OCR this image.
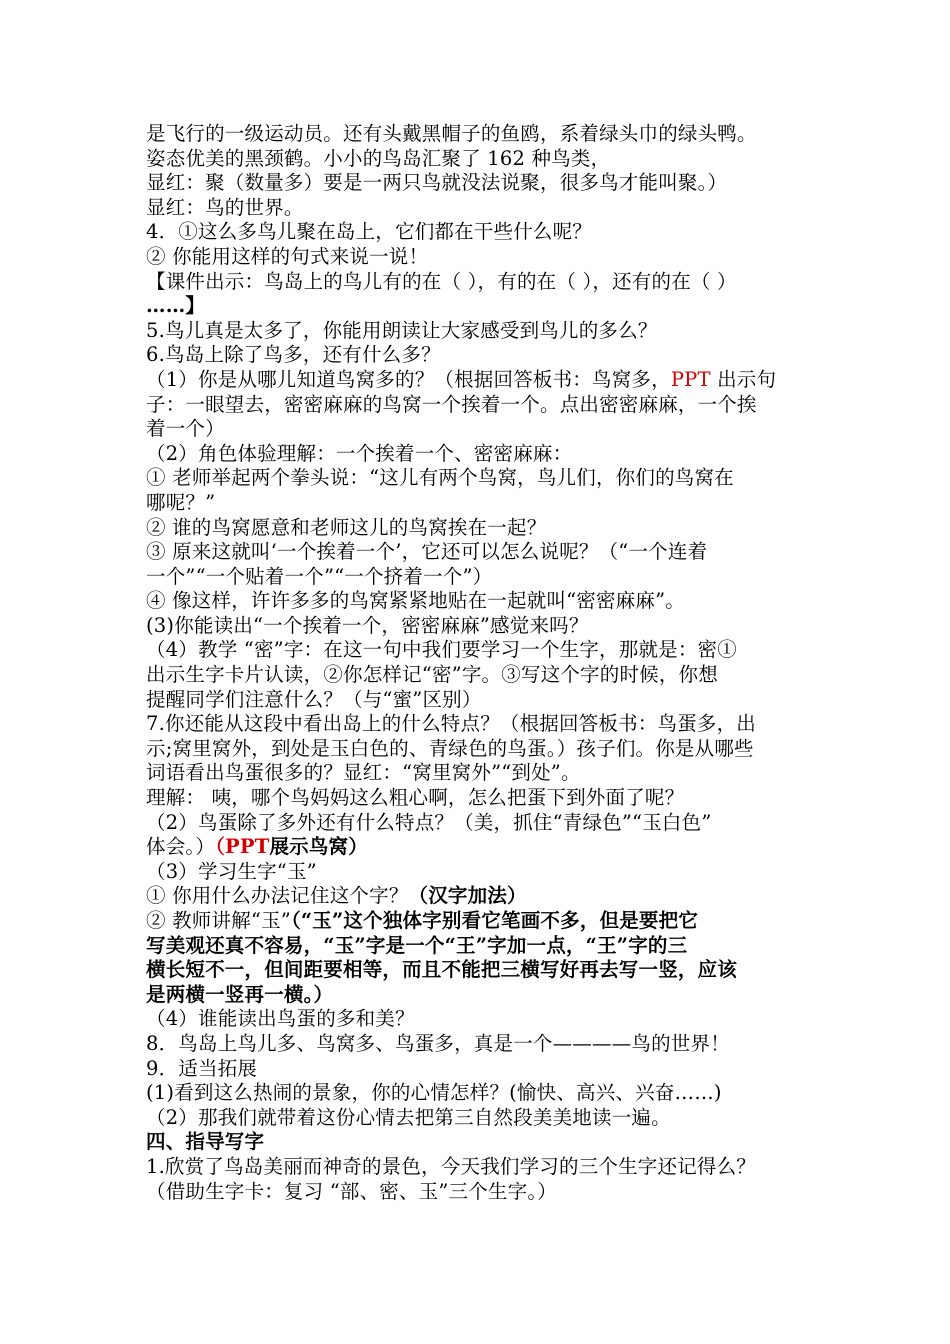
是飞行的一级运动员。还有头戴黑帽子的鱼鸥，系着绿头巾的绿头鸭。
姿态优美的黑颈鹤。小小的鸟岛汇聚了 162 种鸟类，
显红：聚（数量多）要是一两只鸟就没法说聚，很多鸟才能叫聚。）
显红：鸟的世界。
4．①这么多鸟儿聚在岛上，它们都在干些什么呢？
② 你能用这样的句式来说一说！
【课件出示：鸟岛上的鸟儿有的在（ ），有的在（ ），还有的在（ ）
……】
5.鸟儿真是太多了，你能用朗读让大家感受到鸟儿的多么？
6.鸟岛上除了鸟多，还有什么多？
（1）你是从哪儿知道鸟窝多的？（根据回答板书：鸟窝多，PPT 出示句
子：一眼望去，密密麻麻的鸟窝一个挨着一个。点出密密麻麻，一个挨
着一个）
（2）角色体验理解：一个挨着一个、密密麻麻：
① 老师举起两个拳头说：“这儿有两个鸟窝，鸟儿们，你们的鸟窝在
哪呢？”
② 谁的鸟窝愿意和老师这儿的鸟窝挨在一起？
③ 原来这就叫‘一个挨着一个’，它还可以怎么说呢？（“一个连着
一个”“一个贴着一个”“一个挤着一个”）
④ 像这样，许许多多的鸟窝紧紧地贴在一起就叫“密密麻麻”。
(3)你能读出“一个挨着一个，密密麻麻”感觉来吗？
（4）教学 “密”字：在这一句中我们要学习一个生字，那就是：密①
出示生字卡片认读，②你怎样记“密”字。③写这个字的时候，你想
提醒同学们注意什么？（与“蜜”区别）
7.你还能从这段中看出岛上的什么特点？（根据回答板书：鸟蛋多，出
示;窝里窝外，到处是玉白色的、青绿色的鸟蛋。）孩子们。你是从哪些
词语看出鸟蛋很多的？显红：“窝里窝外”“到处”。
理解： 咦，哪个鸟妈妈这么粗心啊，怎么把蛋下到外面了呢？
（2）鸟蛋除了多外还有什么特点？（美，抓住“青绿色”“玉白色”
体会。）（PPT展示鸟窝）
（3）学习生字“玉”
① 你用什么办法记住这个字？（汉字加法）
② 教师讲解“玉”（“玉”这个独体字别看它笔画不多，但是要把它
写美观还真不容易，“玉”字是一个“王”字加一点，“王”字的三
横长短不一，但间距要相等，而且不能把三横写好再去写一竖，应该
是两横一竖再一横。）
（4）谁能读出鸟蛋的多和美？
8．鸟岛上鸟儿多、鸟窝多、鸟蛋多，真是一个————鸟的世界！
9．适当拓展
(1)看到这么热闹的景象，你的心情怎样？(愉快、高兴、兴奋……)
（2）那我们就带着这份心情去把第三自然段美美地读一遍。
四、指导写字
1.欣赏了鸟岛美丽而神奇的景色，今天我们学习的三个生字还记得么？
（借助生字卡：复习 “部、密、玉”三个生字。）
